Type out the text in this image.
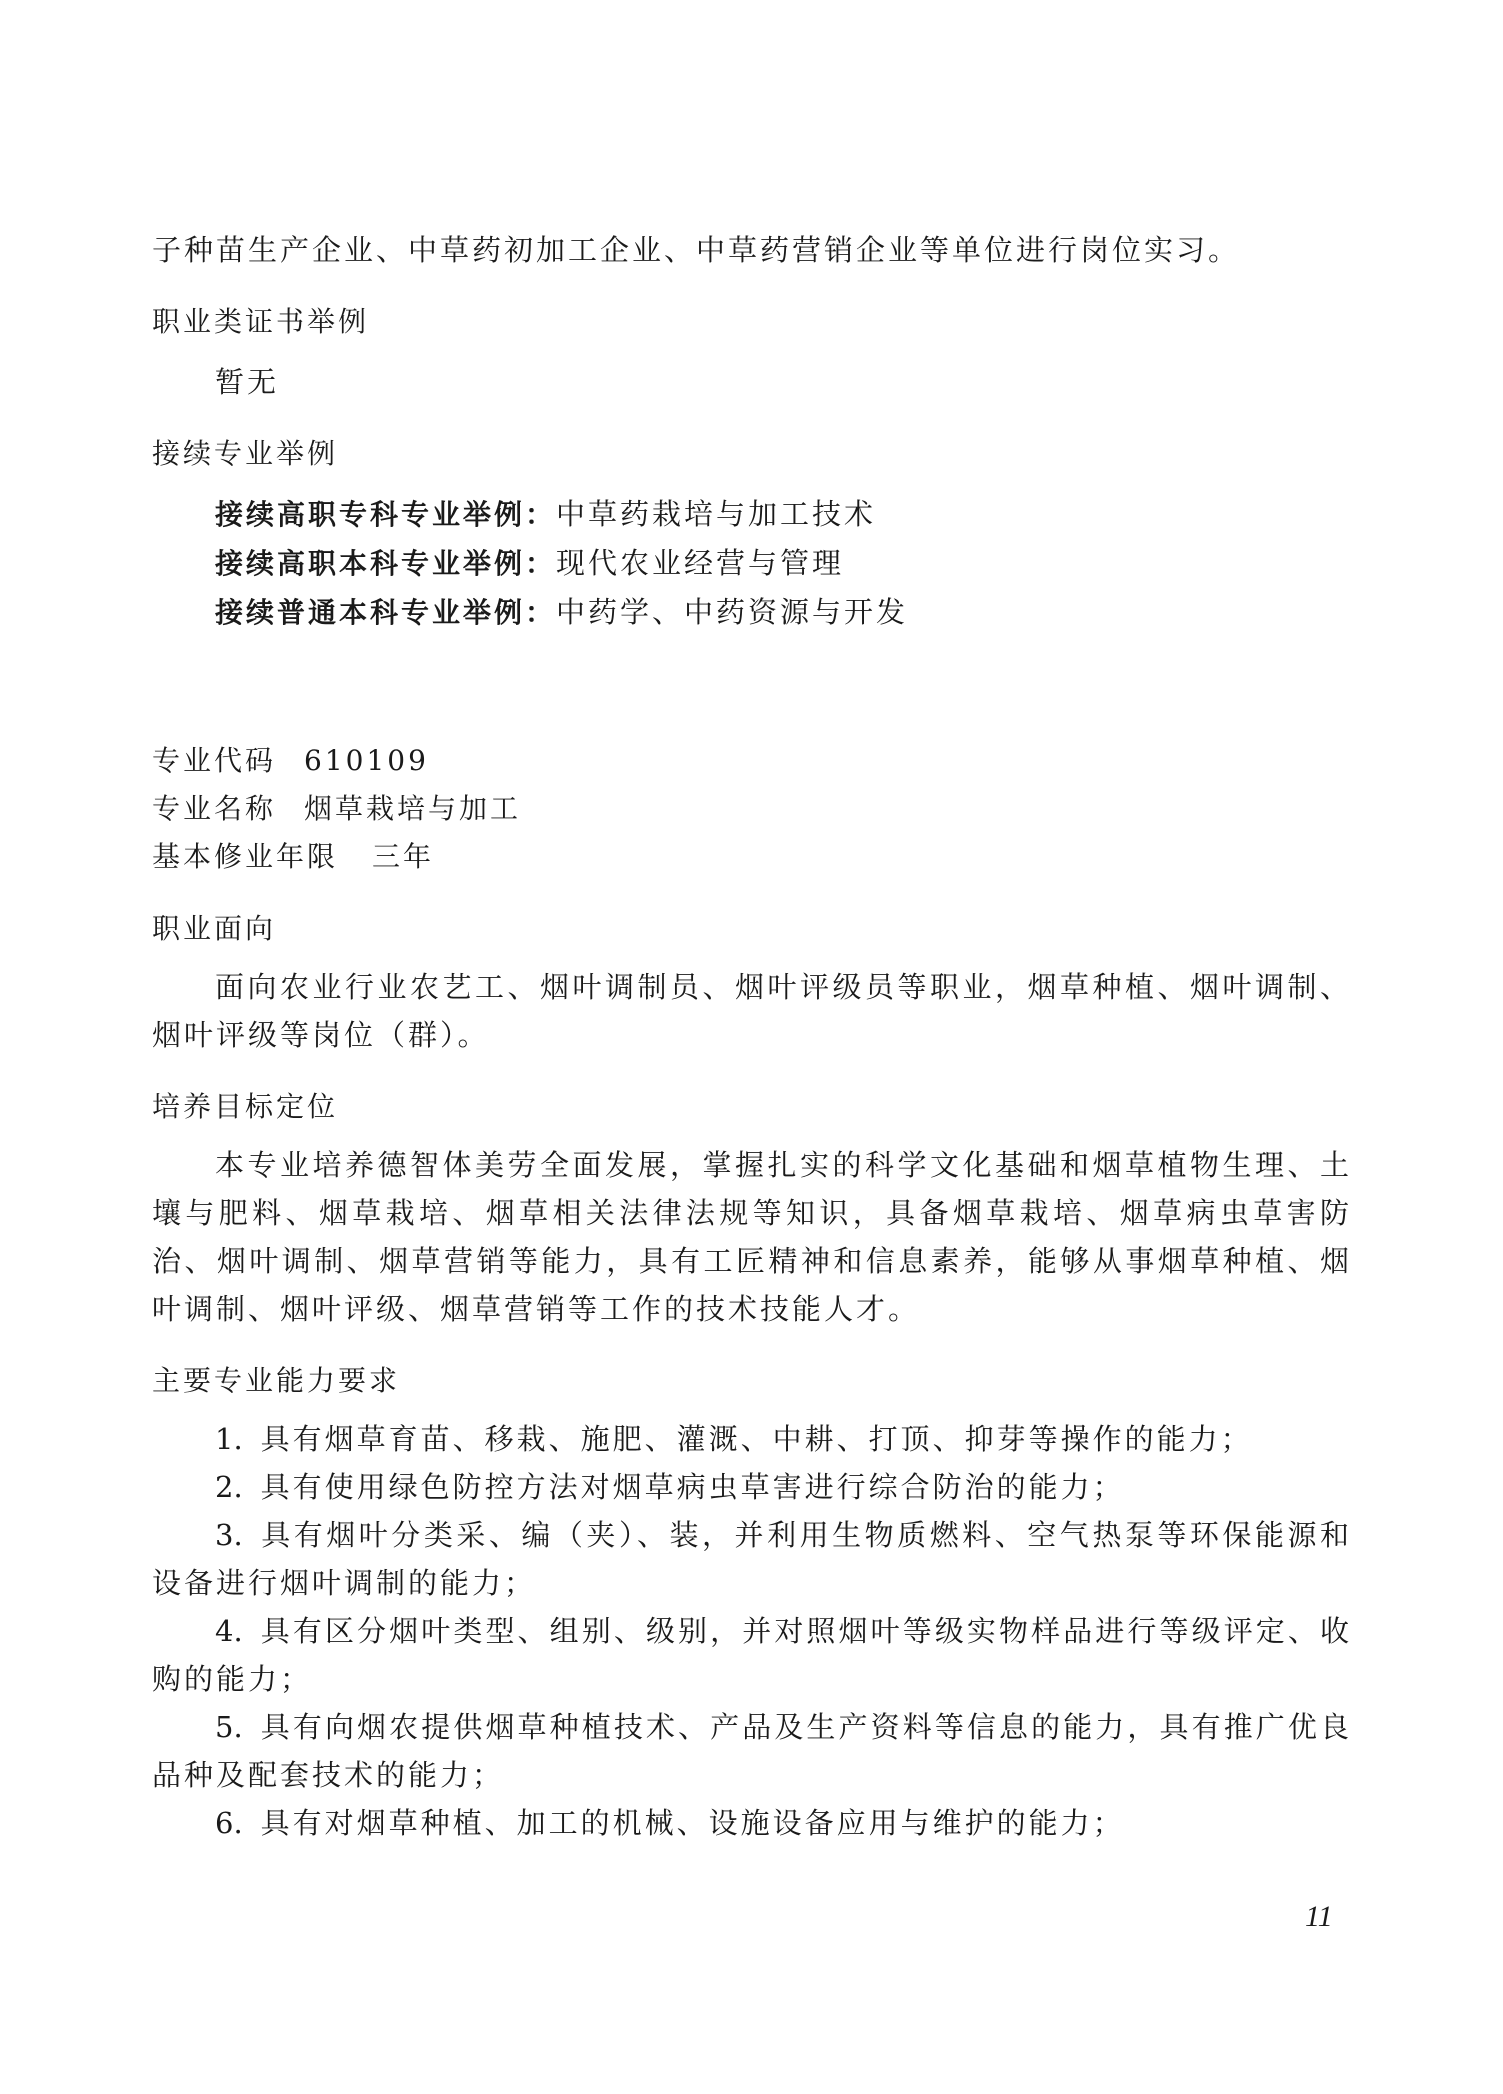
子种苗生产企业、中草药初加工企业、中草药营销企业等单位进行岗位实习。

职业类证书举例

暂无

接续专业举例

接续高职专科专业举例：中草药栽培与加工技术

接续高职本科专业举例：现代农业经营与管理

接续普通本科专业举例：中药学、中药资源与开发

专业代码 610109

专业名称 烟草栽培与加工

基本修业年限 三年

职业面向

面向农业行业农艺工、烟叶调制员、烟叶评级员等职业，烟草种植、烟叶调制、烟叶评级等岗位（群）。

培养目标定位

本专业培养德智体美劳全面发展，掌握扎实的科学文化基础和烟草植物生理、土壤与肥料、烟草栽培、烟草相关法律法规等知识，具备烟草栽培、烟草病虫草害防治、烟叶调制、烟草营销等能力，具有工匠精神和信息素养，能够从事烟草种植、烟叶调制、烟叶评级、烟草营销等工作的技术技能人才。

主要专业能力要求

1. 具有烟草育苗、移栽、施肥、灌溉、中耕、打顶、抑芽等操作的能力；

2. 具有使用绿色防控方法对烟草病虫草害进行综合防治的能力；

3. 具有烟叶分类采、编（夹）、装，并利用生物质燃料、空气热泵等环保能源和设备进行烟叶调制的能力；

4. 具有区分烟叶类型、组别、级别，并对照烟叶等级实物样品进行等级评定、收购的能力；

5. 具有向烟农提供烟草种植技术、产品及生产资料等信息的能力，具有推广优良品种及配套技术的能力；

6. 具有对烟草种植、加工的机械、设施设备应用与维护的能力；

11
